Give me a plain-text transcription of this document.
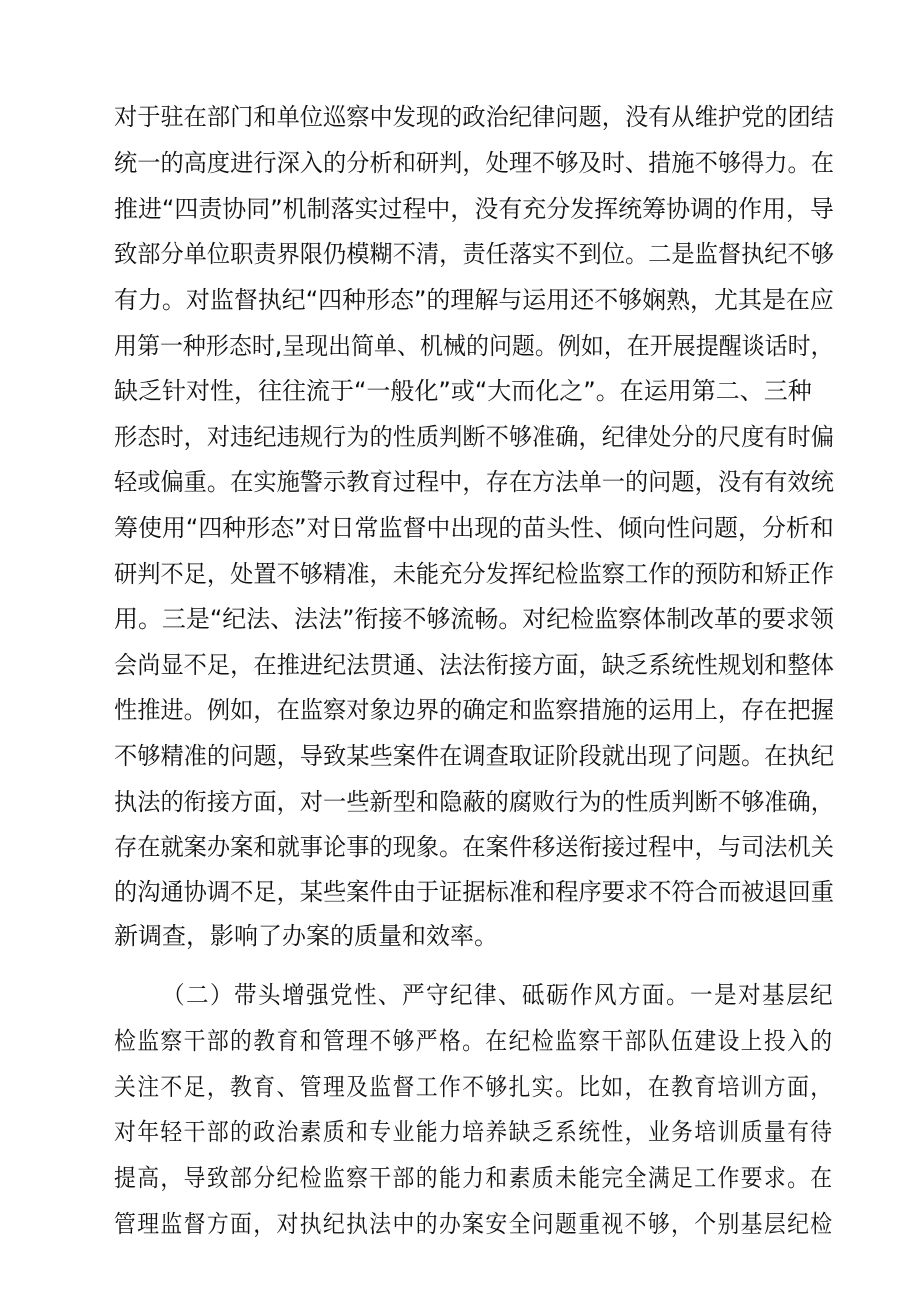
对于驻在部门和单位巡察中发现的政治纪律问题，没有从维护党的团结
统一的高度进行深入的分析和研判，处理不够及时、措施不够得力。在
推进“四责协同”机制落实过程中，没有充分发挥统筹协调的作用，导
致部分单位职责界限仍模糊不清，责任落实不到位。二是监督执纪不够
有力。对监督执纪“四种形态”的理解与运用还不够娴熟，尤其是在应
用第一种形态时,呈现出简单、机械的问题。例如，在开展提醒谈话时，
缺乏针对性，往往流于“一般化”或“大而化之”。在运用第二、三种
形态时，对违纪违规行为的性质判断不够准确，纪律处分的尺度有时偏
轻或偏重。在实施警示教育过程中，存在方法单一的问题，没有有效统
筹使用“四种形态”对日常监督中出现的苗头性、倾向性问题，分析和
研判不足，处置不够精准，未能充分发挥纪检监察工作的预防和矫正作
用。三是“纪法、法法”衔接不够流畅。对纪检监察体制改革的要求领
会尚显不足，在推进纪法贯通、法法衔接方面，缺乏系统性规划和整体
性推进。例如，在监察对象边界的确定和监察措施的运用上，存在把握
不够精准的问题，导致某些案件在调查取证阶段就出现了问题。在执纪
执法的衔接方面，对一些新型和隐蔽的腐败行为的性质判断不够准确，
存在就案办案和就事论事的现象。在案件移送衔接过程中，与司法机关
的沟通协调不足，某些案件由于证据标准和程序要求不符合而被退回重
新调查，影响了办案的质量和效率。
（二）带头增强党性、严守纪律、砥砺作风方面。一是对基层纪
检监察干部的教育和管理不够严格。在纪检监察干部队伍建设上投入的
关注不足，教育、管理及监督工作不够扎实。比如，在教育培训方面，
对年轻干部的政治素质和专业能力培养缺乏系统性，业务培训质量有待
提高，导致部分纪检监察干部的能力和素质未能完全满足工作要求。在
管理监督方面，对执纪执法中的办案安全问题重视不够，个别基层纪检
